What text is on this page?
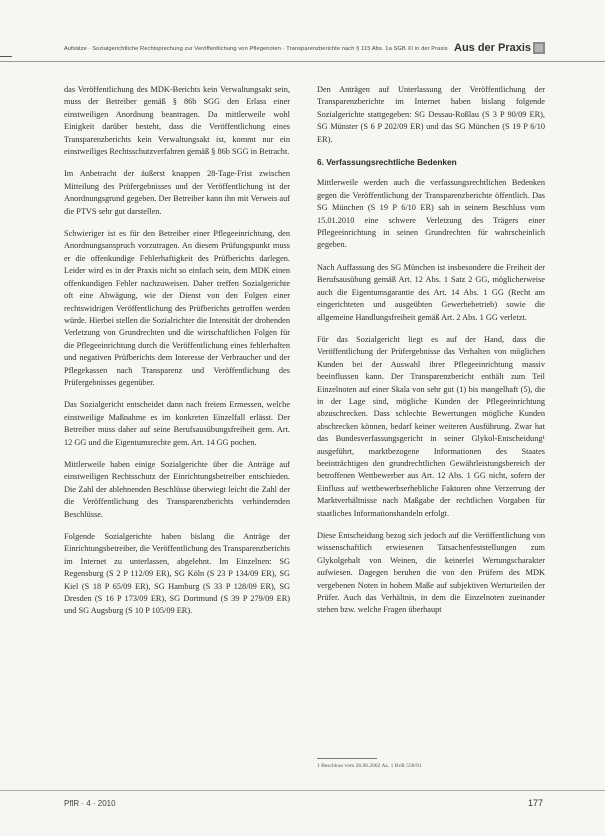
Aufsätze · Sozialgerichtliche Rechtsprechung zur Veröffentlichung von Pflegenoten · Transparenzberichte nach § 115 Abs. 1a SGB XI in der Praxis Aus der Praxis

das Veröffentlichung des MDK-Berichts kein Verwaltungsakt sein, muss der Betreiber gemäß § 86b SGG den Erlass einer einstweiligen Anordnung beantragen. Da mittlerweile wohl Einigkeit darüber besteht, dass die Veröffentlichung eines Transparenzberichts kein Verwaltungsakt ist, kommt nur ein einstweiliges Rechtsschutzverfahren gemäß § 86b SGG in Betracht.

Im Anbetracht der äußerst knappen 28-Tage-Frist zwischen Mitteilung des Prüfergebnisses und der Veröffentlichung ist der Anordnungsgrund gegeben. Der Betreiber kann ihn mit Verweis auf die PTVS sehr gut darstellen.

Schwieriger ist es für den Betreiber einer Pflegeeinrichtung, den Anordnungsanspruch vorzutragen. An diesem Prüfungspunkt muss er die offenkundige Fehlerhaftigkeit des Prüfberichts darlegen. Leider wird es in der Praxis nicht so einfach sein, dem MDK einen offenkundigen Fehler nachzuweisen. Daher treffen Sozialgerichte oft eine Abwägung, wie der Dienst von den Folgen einer rechtswidrigen Veröffentlichung des Prüfberichts getroffen werden würde. Hierbei stellen die Sozialrichter die Intensität der drohenden Verletzung von Grundrechten und die wirtschaftlichen Folgen für die Pflegeeinrichtung durch die Veröffentlichung eines fehlerhaften und negativen Prüfberichts dem Interesse der Verbraucher und der Pflegekassen nach Transparenz und Veröffentlichung des Prüfergebnisses gegenüber.

Das Sozialgericht entscheidet dann nach freiem Ermessen, welche einstweilige Maßnahme es im konkreten Einzelfall erlässt. Der Betreiber muss daher auf seine Berufsausübungsfreiheit gem. Art. 12 GG und die Eigentumsrechte gem. Art. 14 GG pochen.

Mittlerweile haben einige Sozialgerichte über die Anträge auf einstweiligen Rechtsschutz der Einrichtungsbetreiber entschieden. Die Zahl der ablehnenden Beschlüsse überwiegt leicht die Zahl der die Veröffentlichung des Transparenzberichts verhindernden Beschlüsse.

Folgende Sozialgerichte haben bislang die Anträge der Einrichtungsbetreiber, die Veröffentlichung des Transparenzberichts im Internet zu unterlassen, abgelehnt. Im Einzelnen: SG Regensburg (S 2 P 112/09 ER), SG Köln (S 23 P 134/09 ER), SG Kiel (S 18 P 65/09 ER), SG Hamburg (S 33 P 128/09 ER), SG Dresden (S 16 P 173/09 ER), SG Dortmund (S 39 P 279/09 ER) und SG Augsburg (S 10 P 105/09 ER).

Den Anträgen auf Unterlassung der Veröffentlichung der Transparenzberichte im Internet haben bislang folgende Sozialgerichte stattgegeben: SG Dessau-Roßlau (S 3 P 90/09 ER), SG Münster (S 6 P 202/09 ER) und das SG München (S 19 P 6/10 ER).

6. Verfassungsrechtliche Bedenken

Mittlerweile werden auch die verfassungsrechtlichen Bedenken gegen die Veröffentlichung der Transparenzberichte öffentlich. Das SG München (S 19 P 6/10 ER) sah in seinem Beschluss vom 15.01.2010 eine schwere Verletzung des Trägers einer Pflegeeinrichtung in seinen Grundrechten für wahrscheinlich gegeben.

Nach Auffassung des SG München ist insbesondere die Freiheit der Berufsausübung gemäß Art. 12 Abs. 1 Satz 2 GG, möglicherweise auch die Eigentumsgarantie des Art. 14 Abs. 1 GG (Recht am eingerichteten und ausgeübten Gewerbebetrieb) sowie die allgemeine Handlungsfreiheit gemäß Art. 2 Abs. 1 GG verletzt.

Für das Sozialgericht liegt es auf der Hand, dass die Veröffentlichung der Prüfergebnisse das Verhalten von möglichen Kunden bei der Auswahl ihrer Pflegeeinrichtung massiv beeinflussen kann. Der Transparenzbericht enthält zum Teil Einzelnoten auf einer Skala von sehr gut (1) bis mangelhaft (5), die in der Lage sind, mögliche Kunden der Pflegeeinrichtung abzuschrecken. Dass schlechte Bewertungen mögliche Kunden abschrecken können, bedarf keiner weiteren Ausführung. Zwar hat das Bundesverfassungsgericht in seiner Glykol-Entscheidung¹ ausgeführt, marktbezogene Informationen des Staates beeinträchtigen den grundrechtlichen Gewährleistungsbereich der betroffenen Wettbewerber aus Art. 12 Abs. 1 GG nicht, sofern der Einfluss auf wettbewerbserhebliche Faktoren ohne Verzerrung der Marktverhältnisse nach Maßgabe der rechtlichen Vorgaben für staatliches Informationshandeln erfolgt.

Diese Entscheidung bezog sich jedoch auf die Veröffentlichung von wissenschaftlich erwiesenen Tatsachenfeststellungen zum Glykolgehalt von Weinen, die keinerlei Wertungscharakter aufwiesen. Dagegen beruhen die von den Prüfern des MDK vergebenen Noten in hohem Maße auf subjektiven Werturteilen der Prüfer. Auch das Verhältnis, in dem die Einzelnoten zueinander stehen bzw. welche Fragen überhaupt

1 Beschluss vom 26.06.2002 Az. 1 BvR 558/91
PflR · 4 · 2010	177
